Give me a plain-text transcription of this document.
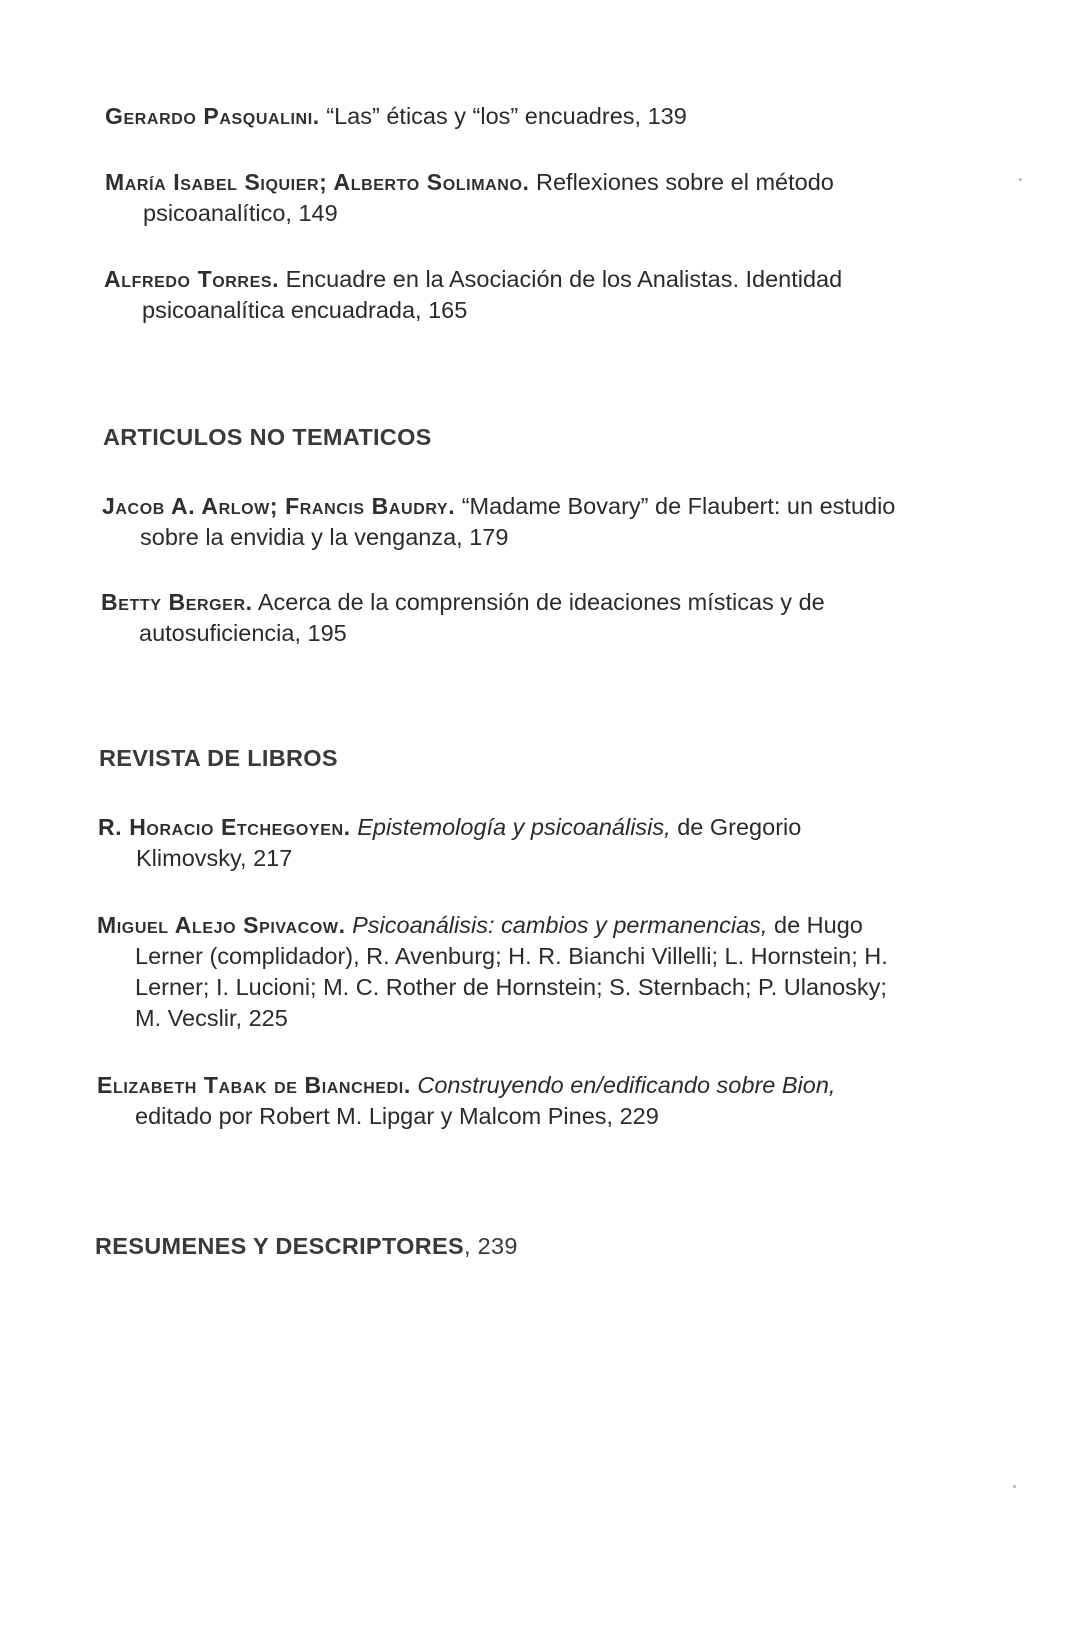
Gerardo Pasqualini. “Las” éticas y “los” encuadres, 139

María Isabel Siquier; Alberto Solimano. Reflexiones sobre el método psicoanalítico, 149

Alfredo Torres. Encuadre en la Asociación de los Analistas. Identidad psicoanalítica encuadrada, 165

ARTICULOS NO TEMATICOS

Jacob A. Arlow; Francis Baudry. “Madame Bovary” de Flaubert: un estudio sobre la envidia y la venganza, 179

Betty Berger. Acerca de la comprensión de ideaciones místicas y de autosuficiencia, 195

REVISTA DE LIBROS

R. Horacio Etchegoyen. Epistemología y psicoanálisis, de Gregorio Klimovsky, 217

Miguel Alejo Spivacow. Psicoanálisis: cambios y permanencias, de Hugo Lerner (complidador), R. Avenburg; H. R. Bianchi Villelli; L. Hornstein; H. Lerner; I. Lucioni; M. C. Rother de Hornstein; S. Sternbach; P. Ulanosky; M. Vecslir, 225

Elizabeth Tabak de Bianchedi. Construyendo en/edificando sobre Bion, editado por Robert M. Lipgar y Malcom Pines, 229

RESUMENES Y DESCRIPTORES, 239
